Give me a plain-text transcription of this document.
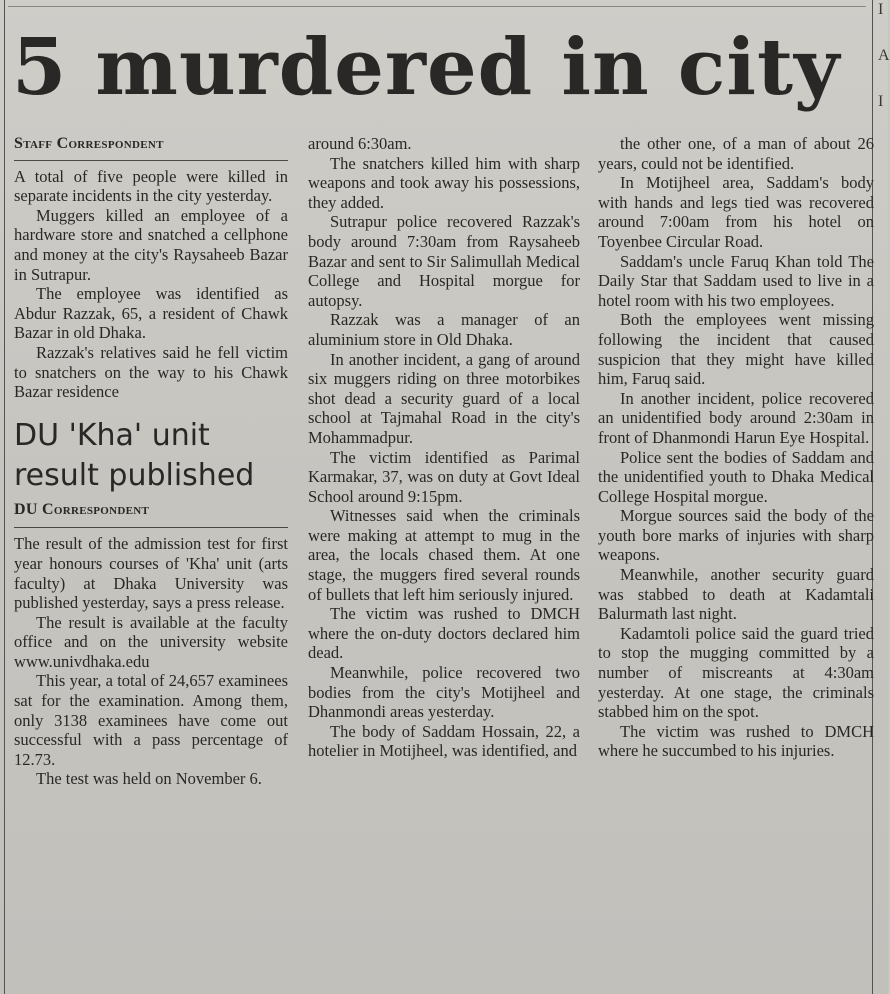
I
A
I
5 murdered in city
Staff Correspondent

A total of five people were killed in separate incidents in the city yesterday.

Muggers killed an employee of a hardware store and snatched a cellphone and money at the city's Raysaheeb Bazar in Sutrapur.

The employee was identified as Abdur Razzak, 65, a resident of Chawk Bazar in old Dhaka.

Razzak's relatives said he fell victim to snatchers on the way to his Chawk Bazar residence

DU 'Kha' unit result published
DU Correspondent

The result of the admission test for first year honours courses of 'Kha' unit (arts faculty) at Dhaka University was published yesterday, says a press release.

The result is available at the faculty office and on the university website www.univdhaka.edu

This year, a total of 24,657 examinees sat for the examination. Among them, only 3138 examinees have come out successful with a pass percentage of 12.73.

The test was held on November 6.

around 6:30am.

The snatchers killed him with sharp weapons and took away his possessions, they added.

Sutrapur police recovered Razzak's body around 7:30am from Raysaheeb Bazar and sent to Sir Salimullah Medical College and Hospital morgue for autopsy.

Razzak was a manager of an aluminium store in Old Dhaka.

In another incident, a gang of around six muggers riding on three motorbikes shot dead a security guard of a local school at Tajmahal Road in the city's Mohammadpur.

The victim identified as Parimal Karmakar, 37, was on duty at Govt Ideal School around 9:15pm.

Witnesses said when the criminals were making at attempt to mug in the area, the locals chased them. At one stage, the muggers fired several rounds of bullets that left him seriously injured.

The victim was rushed to DMCH where the on-duty doctors declared him dead.

Meanwhile, police recovered two bodies from the city's Motijheel and Dhanmondi areas yesterday.

The body of Saddam Hossain, 22, a hotelier in Motijheel, was identified, and

the other one, of a man of about 26 years, could not be identified.

In Motijheel area, Saddam's body with hands and legs tied was recovered around 7:00am from his hotel on Toyenbee Circular Road.

Saddam's uncle Faruq Khan told The Daily Star that Saddam used to live in a hotel room with his two employees.

Both the employees went missing following the incident that caused suspicion that they might have killed him, Faruq said.

In another incident, police recovered an unidentified body around 2:30am in front of Dhanmondi Harun Eye Hospital.

Police sent the bodies of Saddam and the unidentified youth to Dhaka Medical College Hospital morgue.

Morgue sources said the body of the youth bore marks of injuries with sharp weapons.

Meanwhile, another security guard was stabbed to death at Kadamtali Balurmath last night.

Kadamtoli police said the guard tried to stop the mugging committed by a number of miscreants at 4:30am yesterday. At one stage, the criminals stabbed him on the spot.

The victim was rushed to DMCH where he succumbed to his injuries.
